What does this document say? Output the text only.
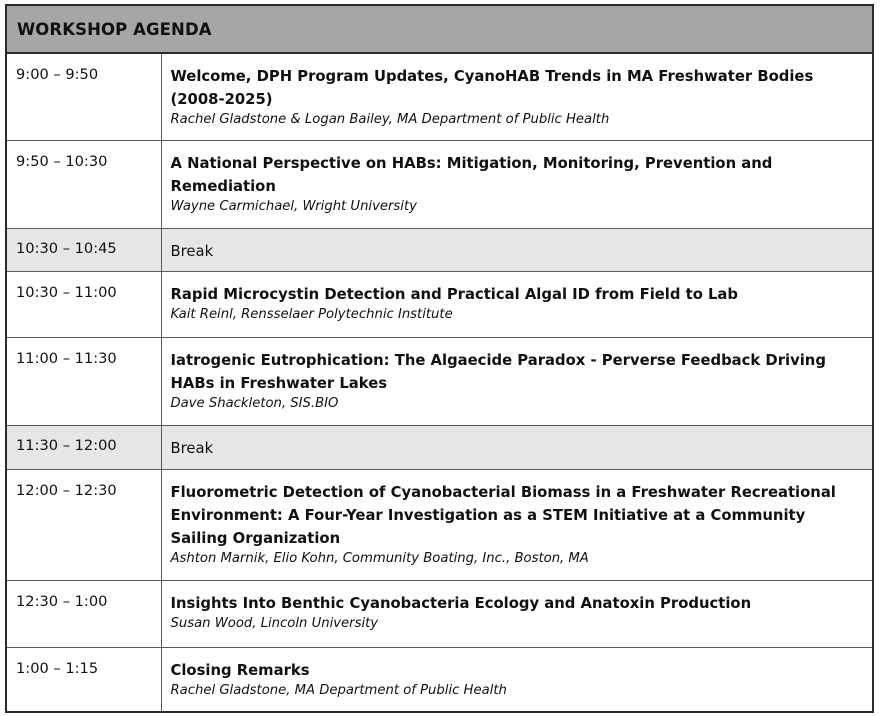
WORKSHOP AGENDA
9:00 – 9:50	Welcome, DPH Program Updates, CyanoHAB Trends in MA Freshwater Bodies (2008-2025)
Rachel Gladstone & Logan Bailey, MA Department of Public Health

9:50 – 10:30	A National Perspective on HABs: Mitigation, Monitoring, Prevention and Remediation
Wayne Carmichael, Wright University

10:30 – 10:45	Break

10:30 – 11:00	Rapid Microcystin Detection and Practical Algal ID from Field to Lab
Kait Reinl, Rensselaer Polytechnic Institute

11:00 – 11:30	Iatrogenic Eutrophication: The Algaecide Paradox - Perverse Feedback Driving HABs in Freshwater Lakes
Dave Shackleton, SIS.BIO

11:30 – 12:00	Break

12:00 – 12:30	Fluorometric Detection of Cyanobacterial Biomass in a Freshwater Recreational Environment: A Four-Year Investigation as a STEM Initiative at a Community Sailing Organization
Ashton Marnik, Elio Kohn, Community Boating, Inc., Boston, MA

12:30 – 1:00	Insights Into Benthic Cyanobacteria Ecology and Anatoxin Production
Susan Wood, Lincoln University

1:00 – 1:15	Closing Remarks
Rachel Gladstone, MA Department of Public Health
